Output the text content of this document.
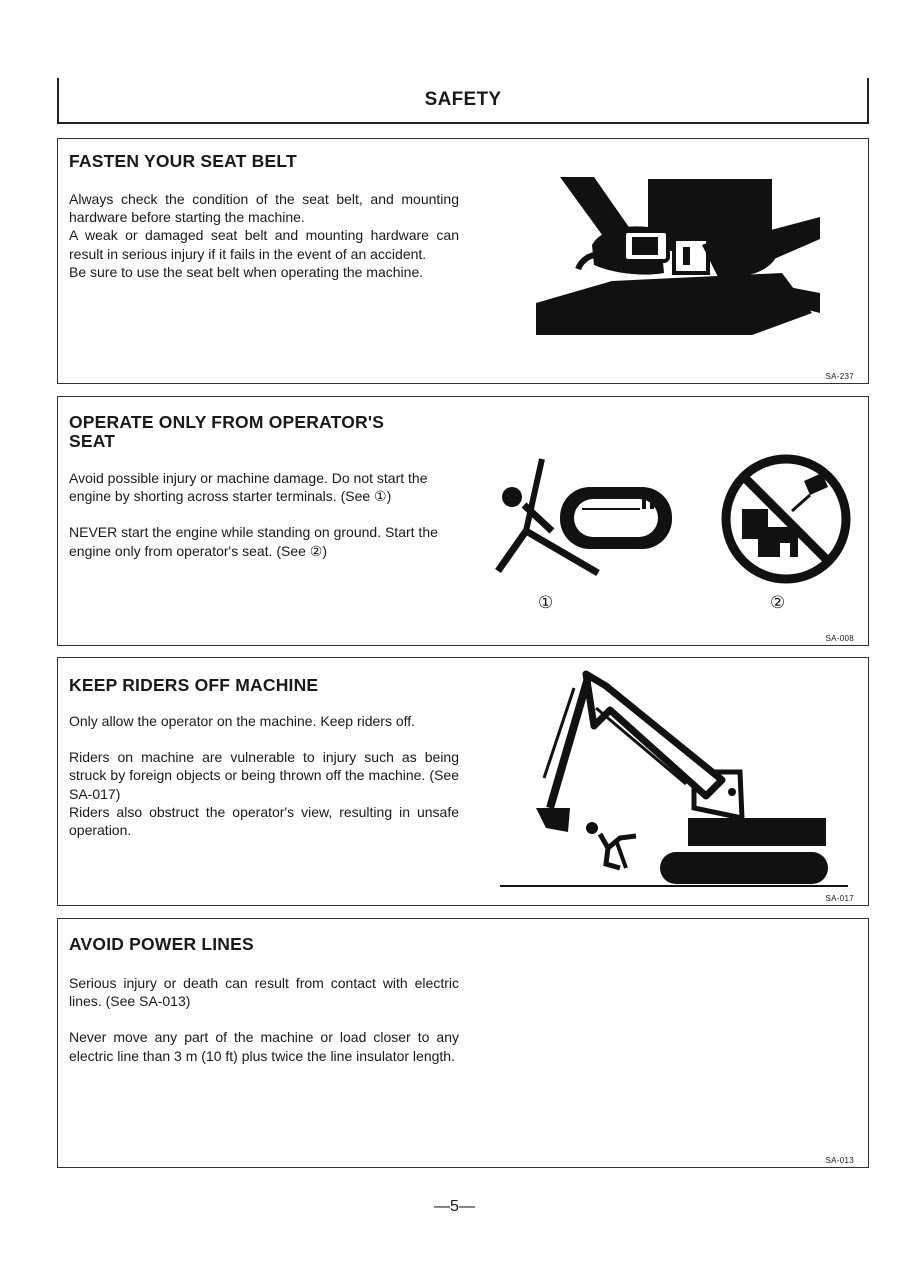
SAFETY
FASTEN YOUR SEAT BELT

Always check the condition of the seat belt, and mounting hardware before starting the machine.

A weak or damaged seat belt and mounting hardware can result in serious injury if it fails in the event of an accident.

Be sure to use the seat belt when operating the machine.

SA-237
OPERATE ONLY FROM OPERATOR'S
SEAT

Avoid possible injury or machine damage. Do not start the engine by shorting across starter terminals. (See ①)

NEVER start the engine while standing on ground. Start the engine only from operator's seat. (See ②)

①	②
SA-008
KEEP RIDERS OFF MACHINE

Only allow the operator on the machine. Keep riders off.

Riders on machine are vulnerable to injury such as being struck by foreign objects or being thrown off the machine. (See SA-017)

Riders also obstruct the operator's view, resulting in unsafe operation.

SA-017
AVOID POWER LINES

Serious injury or death can result from contact with electric lines. (See SA-013)

Never move any part of the machine or load closer to any electric line than 3 m (10 ft) plus twice the line insulator length.

SA-013
—5—
